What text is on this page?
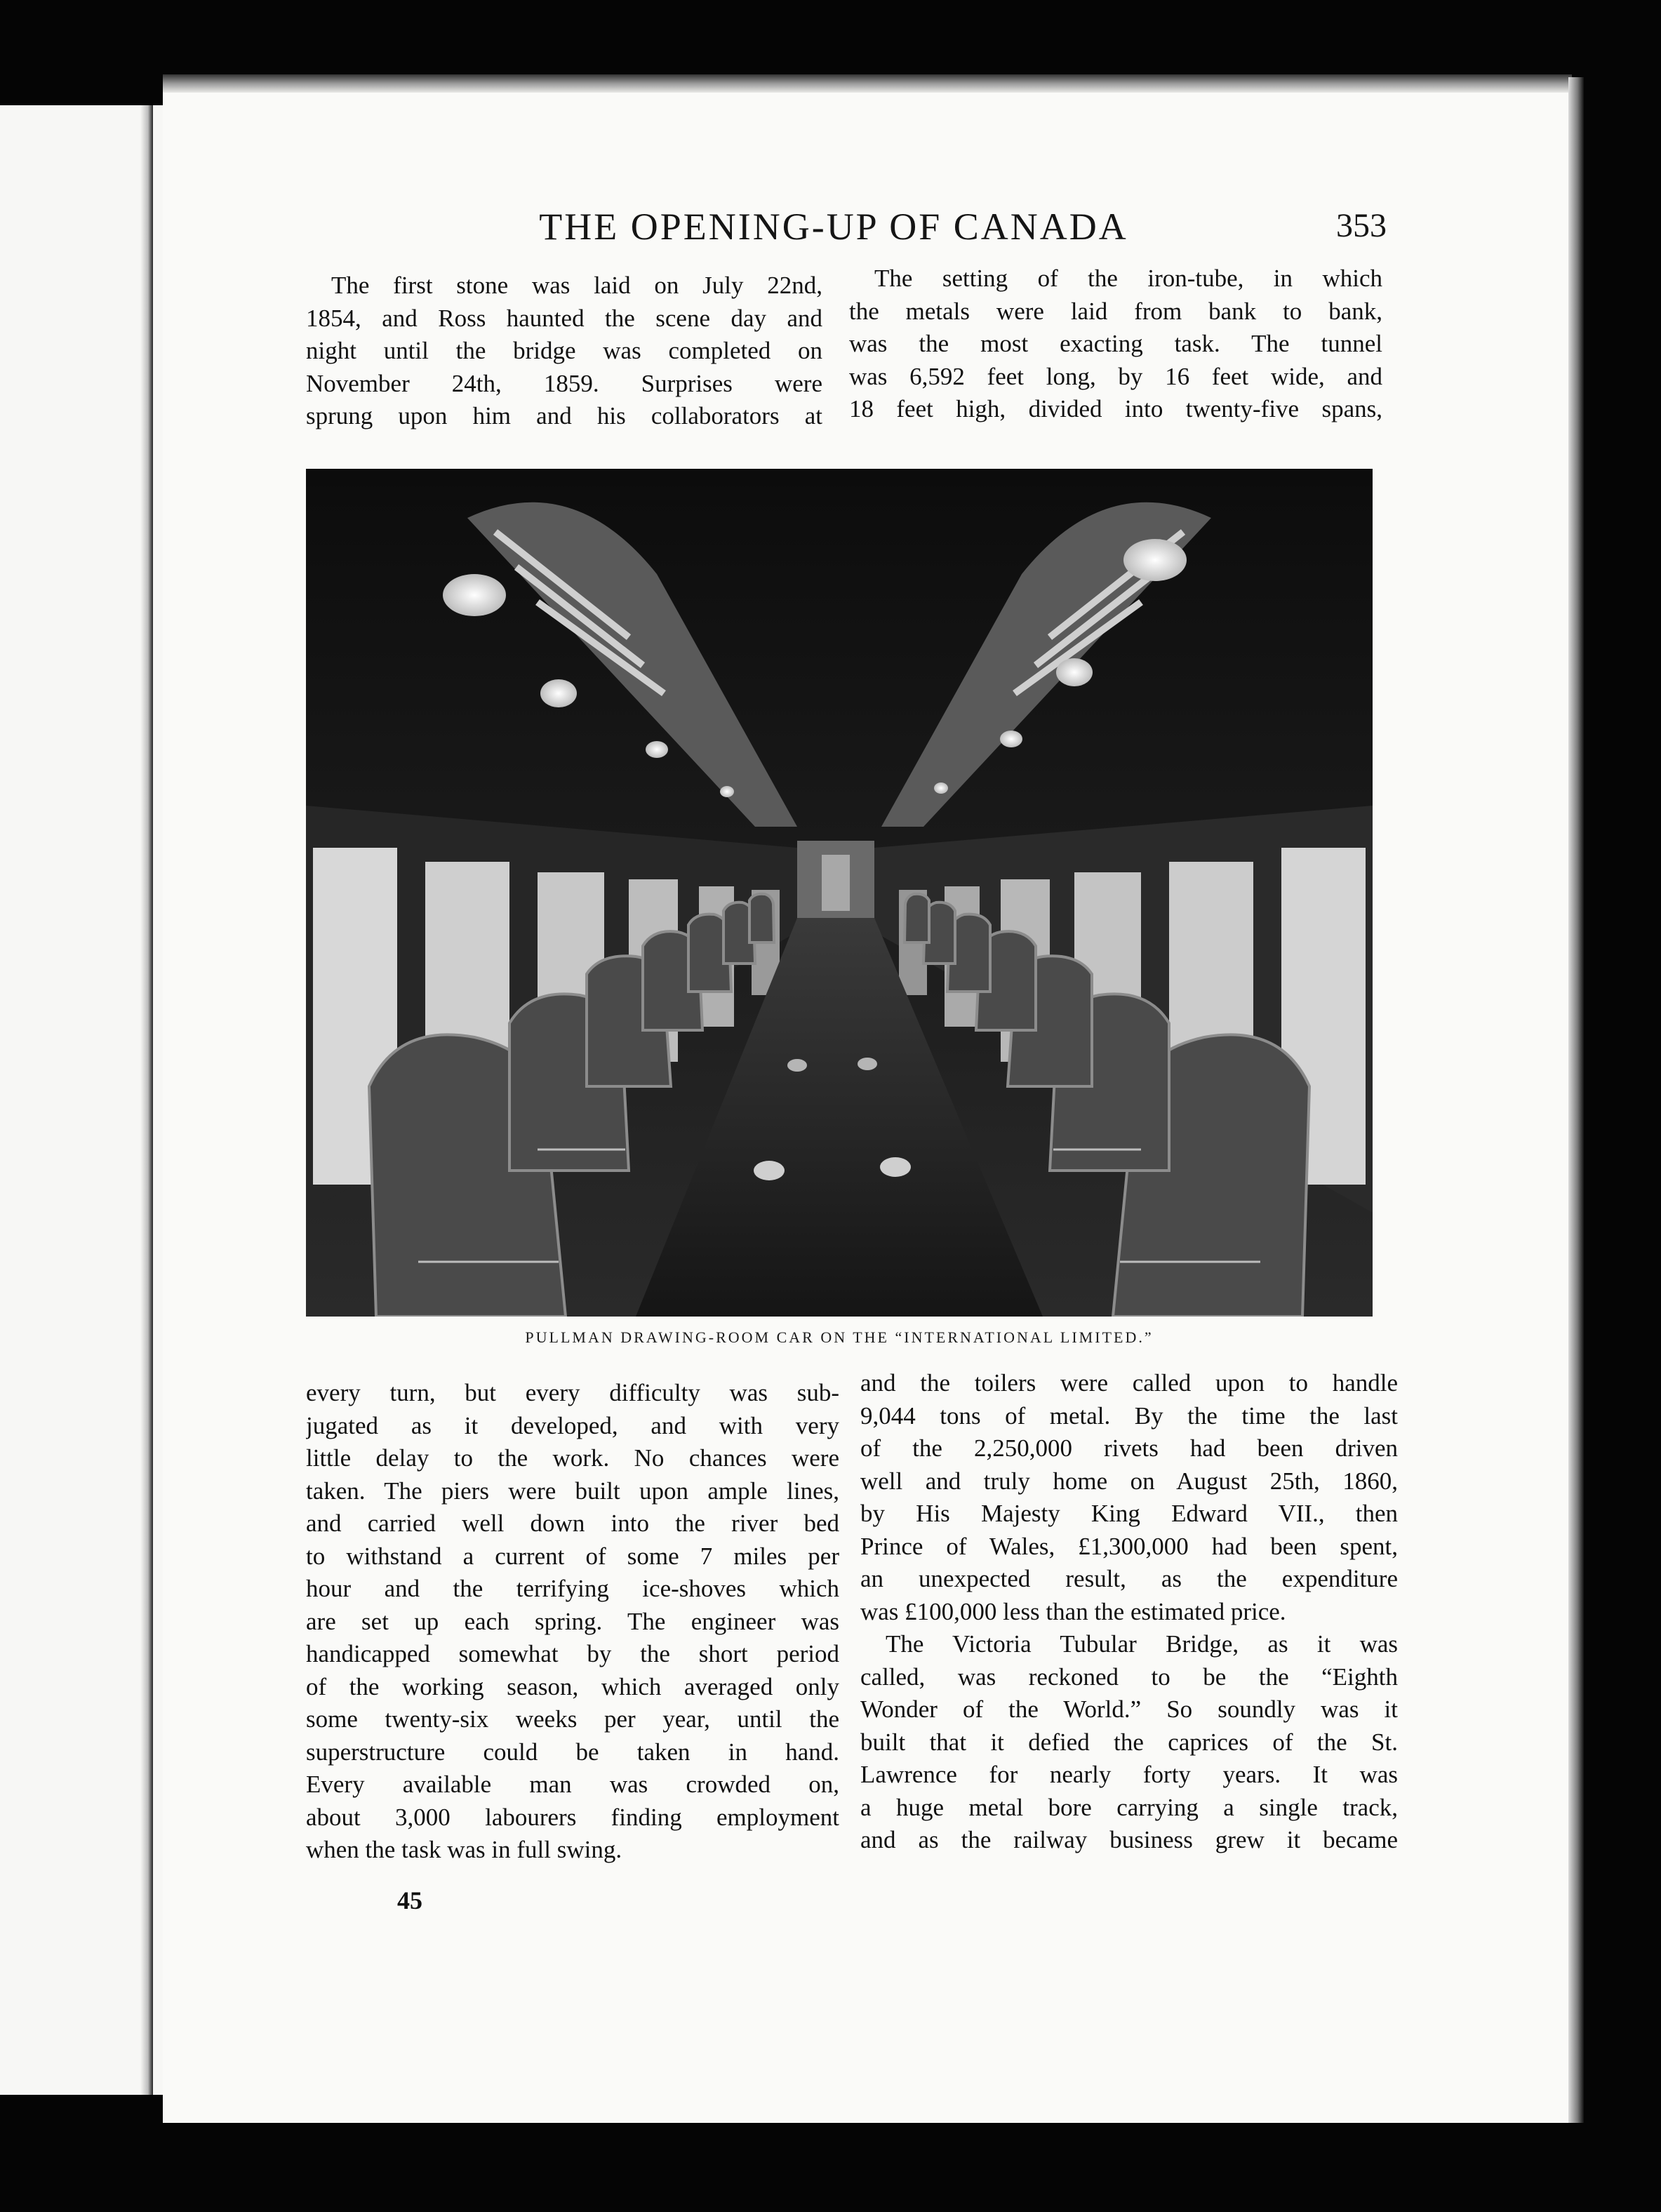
THE OPENING-UP OF CANADA	353
The first stone was laid on July 22nd,
1854, and Ross haunted the scene day and
night until the bridge was completed on
November 24th, 1859. Surprises were
sprung upon him and his collaborators at
The setting of the iron-tube, in which
the metals were laid from bank to bank,
was the most exacting task. The tunnel
was 6,592 feet long, by 16 feet wide, and
18 feet high, divided into twenty-five spans,
PULLMAN DRAWING-ROOM CAR ON THE “INTERNATIONAL LIMITED.”
every turn, but every difficulty was sub-
jugated as it developed, and with very
little delay to the work. No chances were
taken. The piers were built upon ample lines,
and carried well down into the river bed
to withstand a current of some 7 miles per
hour and the terrifying ice-shoves which
are set up each spring. The engineer was
handicapped somewhat by the short period
of the working season, which averaged only
some twenty-six weeks per year, until the
superstructure could be taken in hand.
Every available man was crowded on,
about 3,000 labourers finding employment
when the task was in full swing.
and the toilers were called upon to handle
9,044 tons of metal. By the time the last
of the 2,250,000 rivets had been driven
well and truly home on August 25th, 1860,
by His Majesty King Edward VII., then
Prince of Wales, £1,300,000 had been spent,
an unexpected result, as the expenditure
was £100,000 less than the estimated price.
The Victoria Tubular Bridge, as it was
called, was reckoned to be the “Eighth
Wonder of the World.” So soundly was it
built that it defied the caprices of the St.
Lawrence for nearly forty years. It was
a huge metal bore carrying a single track,
and as the railway business grew it became
45
